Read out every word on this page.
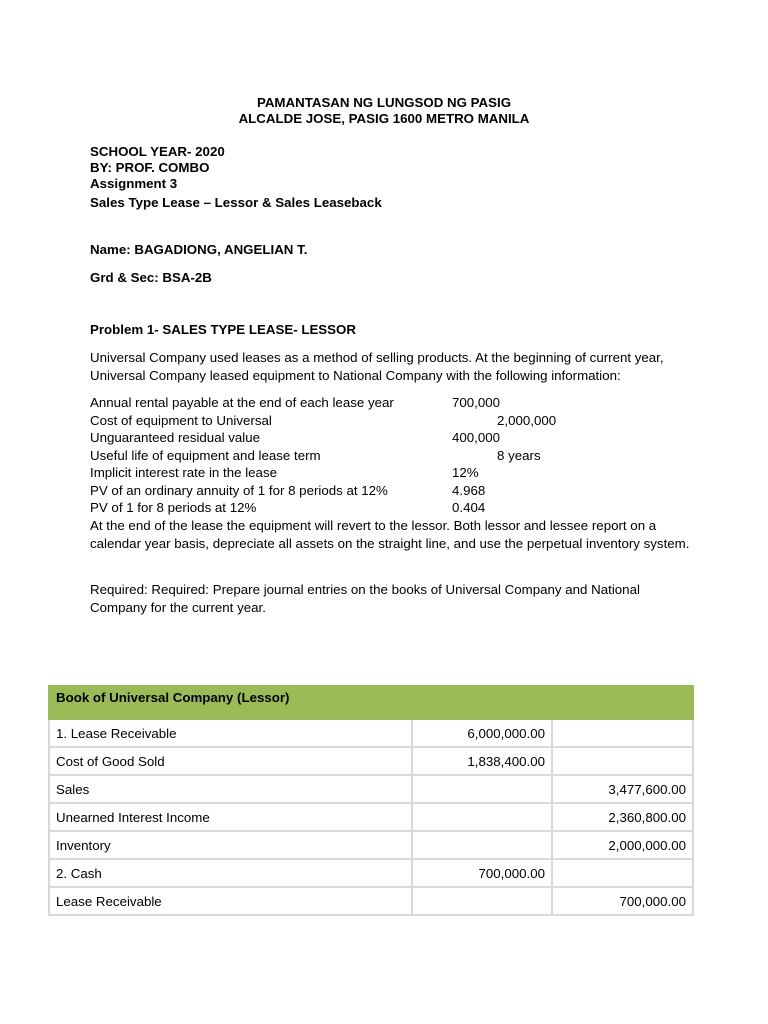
PAMANTASAN NG LUNGSOD NG PASIG
ALCALDE JOSE, PASIG 1600 METRO MANILA
SCHOOL YEAR- 2020
BY: PROF. COMBO
Assignment 3
Sales Type Lease – Lessor & Sales Leaseback
Name: BAGADIONG, ANGELIAN T.
Grd & Sec: BSA-2B
Problem 1- SALES TYPE LEASE- LESSOR
Universal Company used leases as a method of selling products. At the beginning of current year, Universal Company leased equipment to National Company with the following information:
Annual rental payable at the end of each lease year	700,000
Cost of equipment to Universal	2,000,000
Unguaranteed residual value	400,000
Useful life of equipment and lease term	8 years
Implicit interest rate in the lease	12%
PV of an ordinary annuity of 1 for 8 periods at 12%	4.968
PV of 1 for 8 periods at 12%	0.404
At the end of the lease the equipment will revert to the lessor. Both lessor and lessee report on a calendar year basis, depreciate all assets on the straight line, and use the perpetual inventory system.
Required: Required: Prepare journal entries on the books of Universal Company and National Company for the current year.
Book of Universal Company (Lessor)		
1. Lease Receivable	6,000,000.00	
Cost of Good Sold	1,838,400.00	
Sales		3,477,600.00
Unearned Interest Income		2,360,800.00
Inventory		2,000,000.00
2. Cash	700,000.00	
Lease Receivable		700,000.00
